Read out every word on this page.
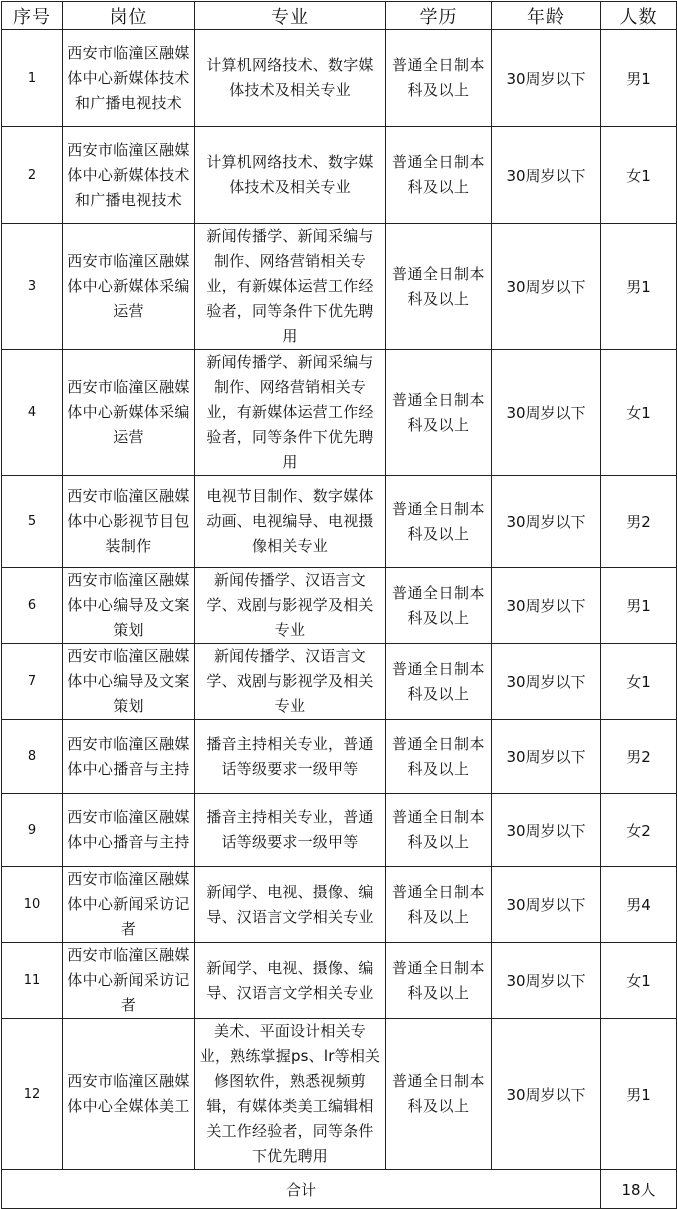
序号	岗位	专业	学历	年龄	人数
1	西安市临潼区融媒体中心新媒体技术和广播电视技术	计算机网络技术、数字媒体技术及相关专业	普通全日制本科及以上	30周岁以下	男1
2	西安市临潼区融媒体中心新媒体技术和广播电视技术	计算机网络技术、数字媒体技术及相关专业	普通全日制本科及以上	30周岁以下	女1
3	西安市临潼区融媒体中心新媒体采编运营	新闻传播学、新闻采编与制作、网络营销相关专业，有新媒体运营工作经验者，同等条件下优先聘用	普通全日制本科及以上	30周岁以下	男1
4	西安市临潼区融媒体中心新媒体采编运营	新闻传播学、新闻采编与制作、网络营销相关专业，有新媒体运营工作经验者，同等条件下优先聘用	普通全日制本科及以上	30周岁以下	女1
5	西安市临潼区融媒体中心影视节目包装制作	电视节目制作、数字媒体动画、电视编导、电视摄像相关专业	普通全日制本科及以上	30周岁以下	男2
6	西安市临潼区融媒体中心编导及文案策划	新闻传播学、汉语言文学、戏剧与影视学及相关专业	普通全日制本科及以上	30周岁以下	男1
7	西安市临潼区融媒体中心编导及文案策划	新闻传播学、汉语言文学、戏剧与影视学及相关专业	普通全日制本科及以上	30周岁以下	女1
8	西安市临潼区融媒体中心播音与主持	播音主持相关专业，普通话等级要求一级甲等	普通全日制本科及以上	30周岁以下	男2
9	西安市临潼区融媒体中心播音与主持	播音主持相关专业，普通话等级要求一级甲等	普通全日制本科及以上	30周岁以下	女2
10	西安市临潼区融媒体中心新闻采访记者	新闻学、电视、摄像、编导、汉语言文学相关专业	普通全日制本科及以上	30周岁以下	男4
11	西安市临潼区融媒体中心新闻采访记者	新闻学、电视、摄像、编导、汉语言文学相关专业	普通全日制本科及以上	30周岁以下	女1
12	西安市临潼区融媒体中心全媒体美工	美术、平面设计相关专业，熟练掌握ps、lr等相关修图软件，熟悉视频剪辑，有媒体类美工编辑相关工作经验者，同等条件下优先聘用	普通全日制本科及以上	30周岁以下	男1
合计					18人
